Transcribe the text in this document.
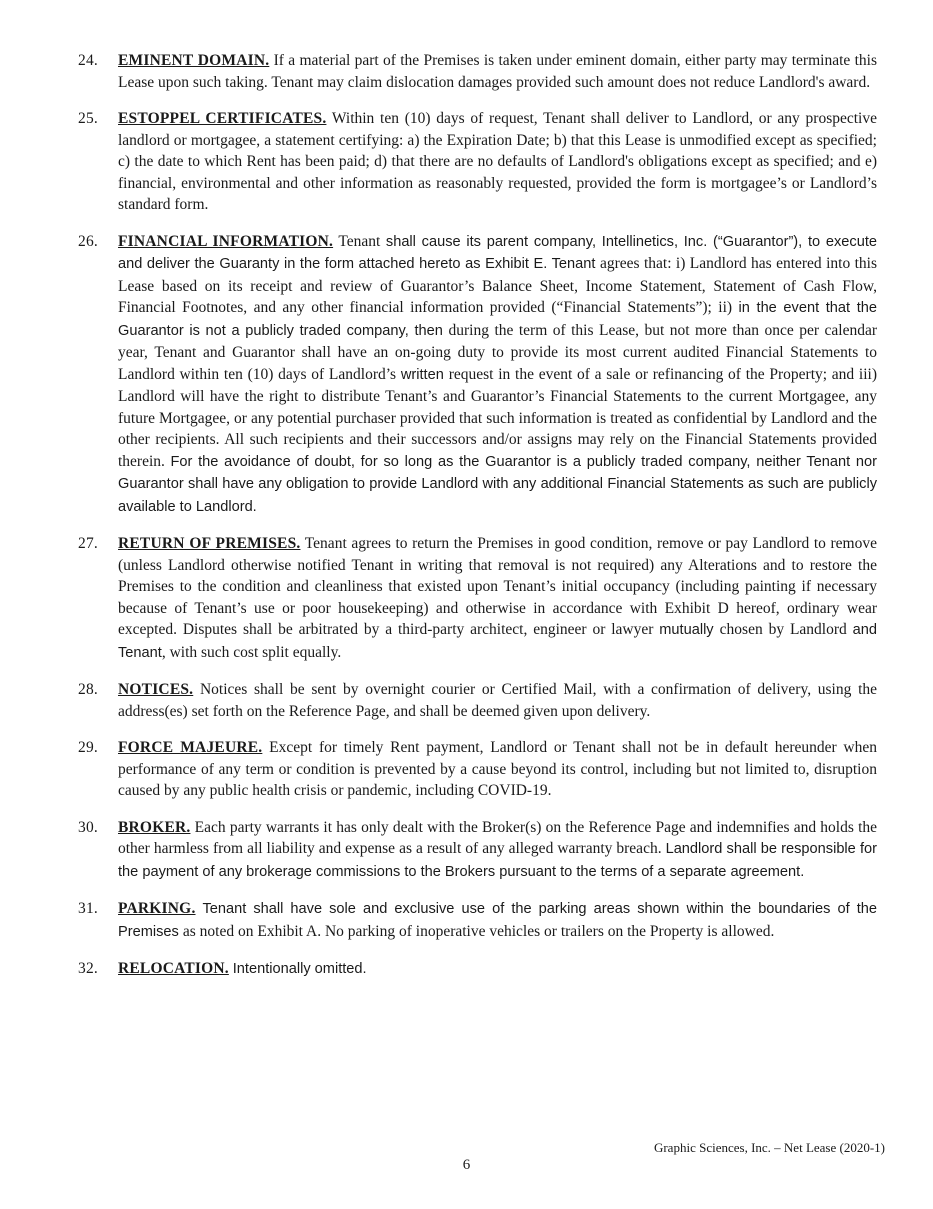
24.	EMINENT DOMAIN. If a material part of the Premises is taken under eminent domain, either party may terminate this Lease upon such taking. Tenant may claim dislocation damages provided such amount does not reduce Landlord's award.
25.	ESTOPPEL CERTIFICATES. Within ten (10) days of request, Tenant shall deliver to Landlord, or any prospective landlord or mortgagee, a statement certifying: a) the Expiration Date; b) that this Lease is unmodified except as specified; c) the date to which Rent has been paid; d) that there are no defaults of Landlord's obligations except as specified; and e) financial, environmental and other information as reasonably requested, provided the form is mortgagee’s or Landlord’s standard form.
26.	FINANCIAL INFORMATION. Tenant shall cause its parent company, Intellinetics, Inc. (“Guarantor”), to execute and deliver the Guaranty in the form attached hereto as Exhibit E. Tenant agrees that: i) Landlord has entered into this Lease based on its receipt and review of Guarantor’s Balance Sheet, Income Statement, Statement of Cash Flow, Financial Footnotes, and any other financial information provided (“Financial Statements”); ii) in the event that the Guarantor is not a publicly traded company, then during the term of this Lease, but not more than once per calendar year, Tenant and Guarantor shall have an on-going duty to provide its most current audited Financial Statements to Landlord within ten (10) days of Landlord’s written request in the event of a sale or refinancing of the Property; and iii) Landlord will have the right to distribute Tenant’s and Guarantor’s Financial Statements to the current Mortgagee, any future Mortgagee, or any potential purchaser provided that such information is treated as confidential by Landlord and the other recipients. All such recipients and their successors and/or assigns may rely on the Financial Statements provided therein. For the avoidance of doubt, for so long as the Guarantor is a publicly traded company, neither Tenant nor Guarantor shall have any obligation to provide Landlord with any additional Financial Statements as such are publicly available to Landlord.
27.	RETURN OF PREMISES. Tenant agrees to return the Premises in good condition, remove or pay Landlord to remove (unless Landlord otherwise notified Tenant in writing that removal is not required) any Alterations and to restore the Premises to the condition and cleanliness that existed upon Tenant’s initial occupancy (including painting if necessary because of Tenant’s use or poor housekeeping) and otherwise in accordance with Exhibit D hereof, ordinary wear excepted. Disputes shall be arbitrated by a third-party architect, engineer or lawyer mutually chosen by Landlord and Tenant, with such cost split equally.
28.	NOTICES. Notices shall be sent by overnight courier or Certified Mail, with a confirmation of delivery, using the address(es) set forth on the Reference Page, and shall be deemed given upon delivery.
29.	FORCE MAJEURE. Except for timely Rent payment, Landlord or Tenant shall not be in default hereunder when performance of any term or condition is prevented by a cause beyond its control, including but not limited to, disruption caused by any public health crisis or pandemic, including COVID-19.
30.	BROKER. Each party warrants it has only dealt with the Broker(s) on the Reference Page and indemnifies and holds the other harmless from all liability and expense as a result of any alleged warranty breach. Landlord shall be responsible for the payment of any brokerage commissions to the Brokers pursuant to the terms of a separate agreement.
31.	PARKING. Tenant shall have sole and exclusive use of the parking areas shown within the boundaries of the Premises as noted on Exhibit A. No parking of inoperative vehicles or trailers on the Property is allowed.
32.	RELOCATION. Intentionally omitted.
Graphic Sciences, Inc. – Net Lease (2020-1)
6
